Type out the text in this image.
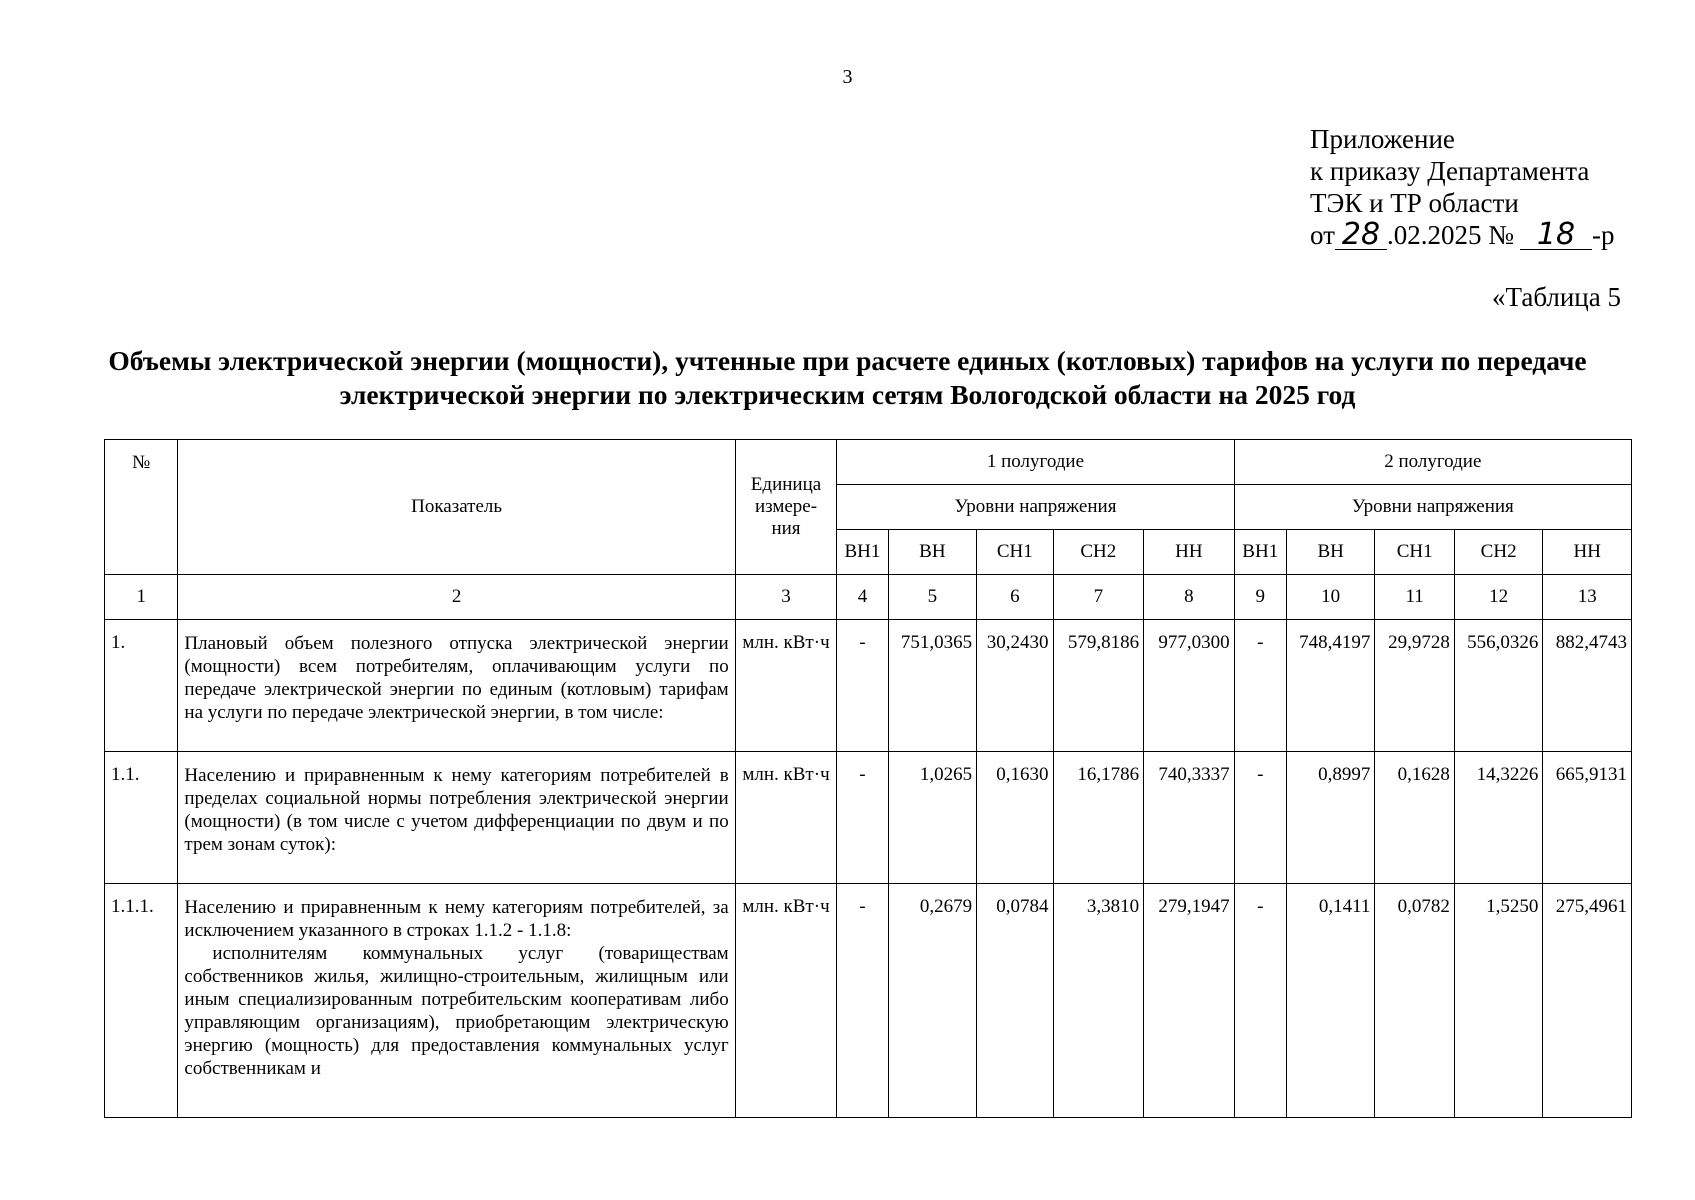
3
Приложение
к приказу Департамента
ТЭК и ТР области
от 28 .02.2025 № 18 -р
«Таблица 5
Объемы электрической энергии (мощности), учтенные при расчете единых (котловых) тарифов на услуги по передаче
электрической энергии по электрическим сетям Вологодской области на 2025 год
№	Показатель	Единица измере-ния	1 полугодие					2 полугодие				
			Уровни напряжения					Уровни напряжения				
			ВН1	ВН	СН1	СН2	НН	ВН1	ВН	СН1	СН2	НН
1	2	3	4	5	6	7	8	9	10	11	12	13
1.	Плановый объем полезного отпуска электрической энергии (мощности) всем потребителям, оплачивающим услуги по передаче электрической энергии по единым (котловым) тарифам на услуги по передаче электрической энергии, в том числе:	млн. кВт·ч	-	751,0365	30,2430	579,8186	977,0300	-	748,4197	29,9728	556,0326	882,4743
1.1.	Населению и приравненным к нему категориям потребителей в пределах социальной нормы потребления электрической энергии (мощности) (в том числе с учетом дифференциации по двум и по трем зонам суток):	млн. кВт·ч	-	1,0265	0,1630	16,1786	740,3337	-	0,8997	0,1628	14,3226	665,9131
1.1.1.	Населению и приравненным к нему категориям потребителей, за исключением указанного в строках 1.1.2 - 1.1.8:
исполнителям коммунальных услуг (товариществам собственников жилья, жилищно-строительным, жилищным или иным специализированным потребительским кооперативам либо управляющим организациям), приобретающим электрическую энергию (мощность) для предоставления коммунальных услуг собственникам и	млн. кВт·ч	-	0,2679	0,0784	3,3810	279,1947	-	0,1411	0,0782	1,5250	275,4961
